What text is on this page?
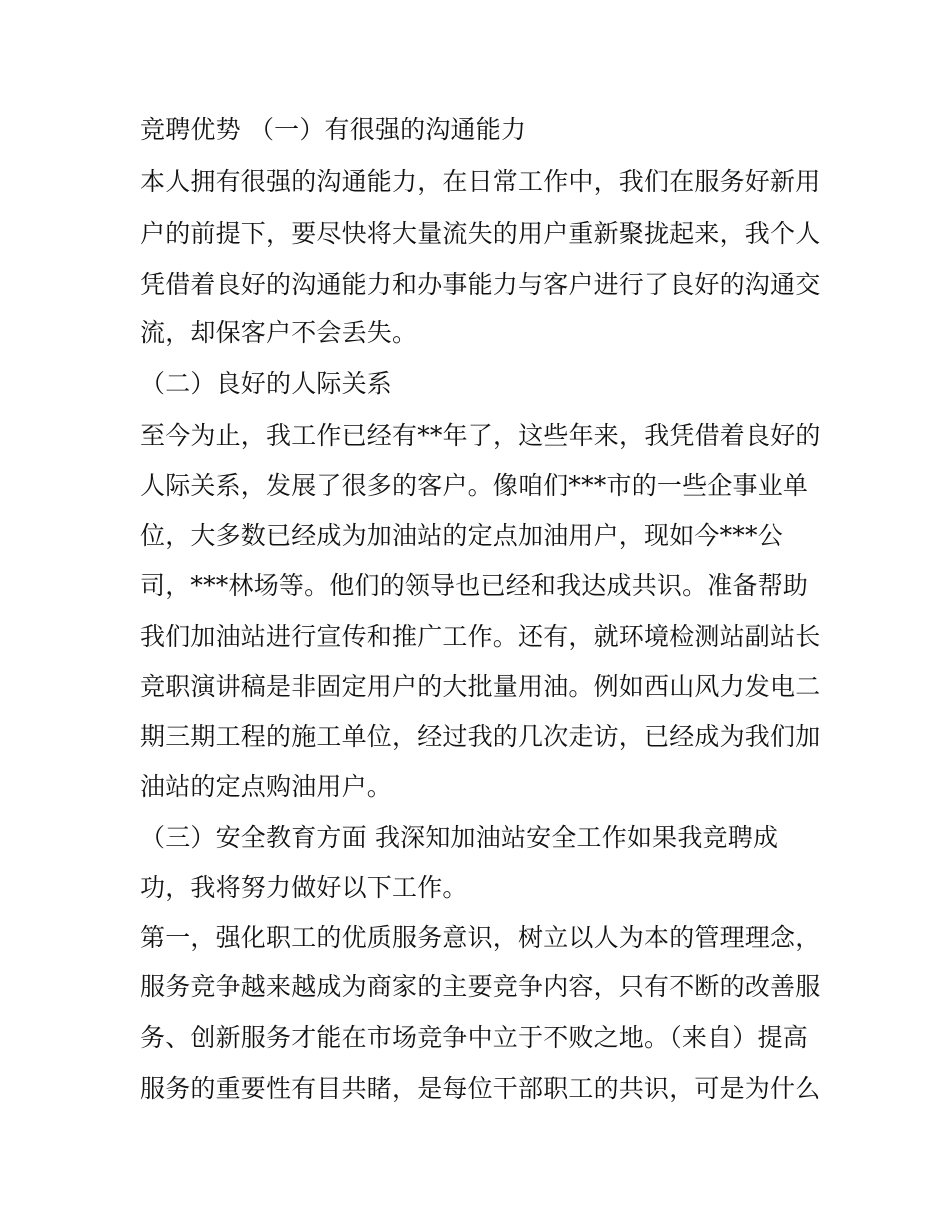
竞聘优势 （一）有很强的沟通能力

本人拥有很强的沟通能力，在日常工作中，我们在服务好新用

户的前提下，要尽快将大量流失的用户重新聚拢起来，我个人

凭借着良好的沟通能力和办事能力与客户进行了良好的沟通交

流，却保客户不会丢失。

（二）良好的人际关系

至今为止，我工作已经有**年了，这些年来，我凭借着良好的

人际关系，发展了很多的客户。像咱们***市的一些企事业单

位，大多数已经成为加油站的定点加油用户，现如今***公

司，***林场等。他们的领导也已经和我达成共识。准备帮助

我们加油站进行宣传和推广工作。还有，就环境检测站副站长

竞职演讲稿是非固定用户的大批量用油。例如西山风力发电二

期三期工程的施工单位，经过我的几次走访，已经成为我们加

油站的定点购油用户。

（三）安全教育方面 我深知加油站安全工作如果我竞聘成

功，我将努力做好以下工作。

第一，强化职工的优质服务意识，树立以人为本的管理理念，

服务竞争越来越成为商家的主要竞争内容，只有不断的改善服

务、创新服务才能在市场竞争中立于不败之地。（来自）提高

服务的重要性有目共睹，是每位干部职工的共识，可是为什么
